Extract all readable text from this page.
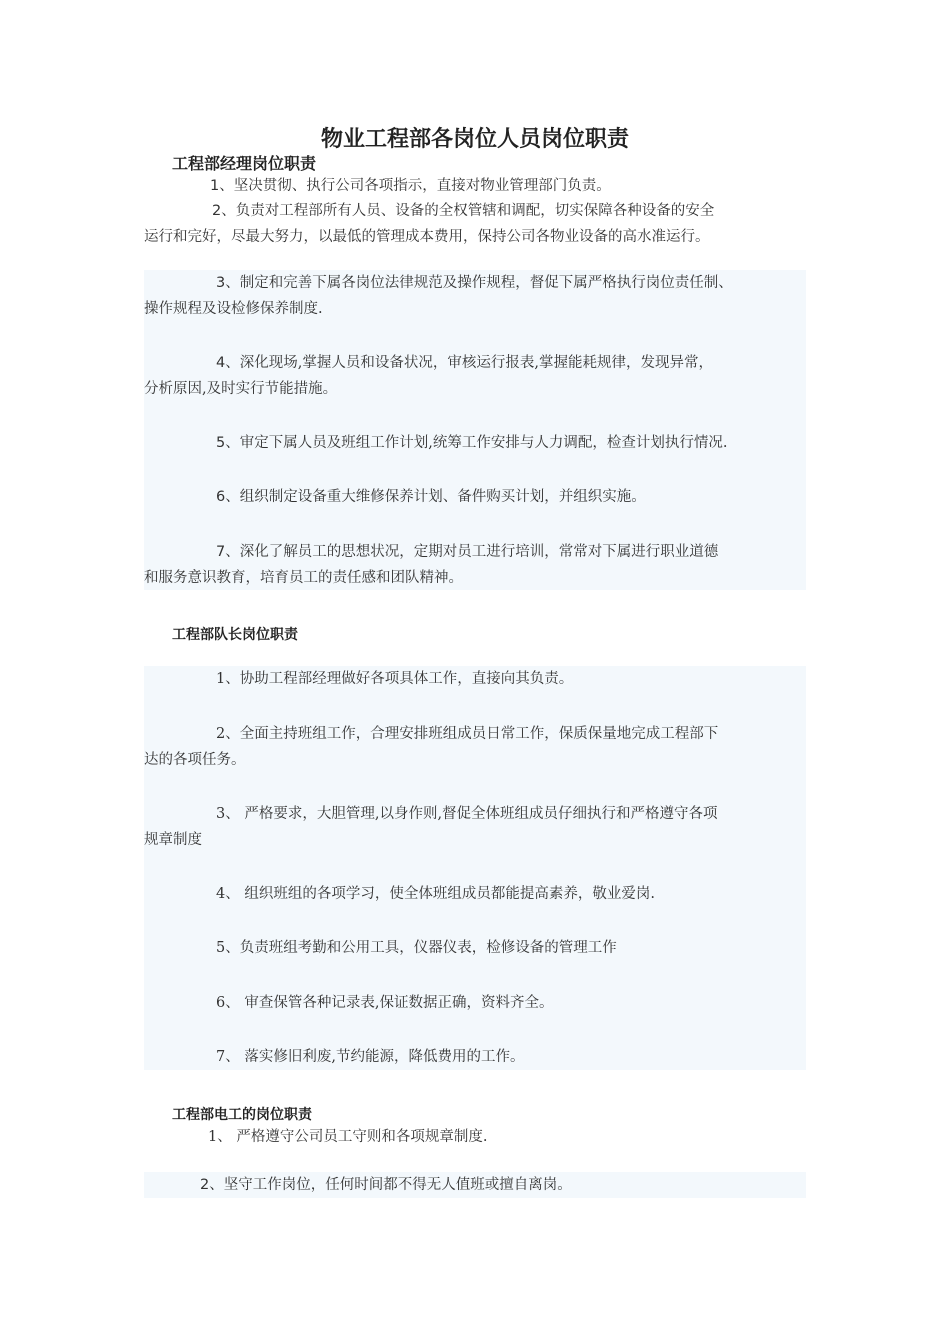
物业工程部各岗位人员岗位职责
工程部经理岗位职责
1、坚决贯彻、执行公司各项指示，直接对物业管理部门负责。
2、负责对工程部所有人员、设备的全权管辖和调配，切实保障各种设备的安全
运行和完好，尽最大努力，以最低的管理成本费用，保持公司各物业设备的高水准运行。
3、制定和完善下属各岗位法律规范及操作规程，督促下属严格执行岗位责任制、
操作规程及设检修保养制度.
4、深化现场,掌握人员和设备状况，审核运行报表,掌握能耗规律，发现异常，
分析原因,及时实行节能措施。
5、审定下属人员及班组工作计划,统筹工作安排与人力调配，检查计划执行情况.
6、组织制定设备重大维修保养计划、备件购买计划，并组织实施。
7、深化了解员工的思想状况，定期对员工进行培训，常常对下属进行职业道德
和服务意识教育，培育员工的责任感和团队精神。
工程部队长岗位职责
1、协助工程部经理做好各项具体工作，直接向其负责。
2、全面主持班组工作，合理安排班组成员日常工作，保质保量地完成工程部下
达的各项任务。
3、 严格要求，大胆管理,以身作则,督促全体班组成员仔细执行和严格遵守各项
规章制度
4、 组织班组的各项学习，使全体班组成员都能提高素养，敬业爱岗.
5、负责班组考勤和公用工具，仪器仪表，检修设备的管理工作
6、 审查保管各种记录表,保证数据正确，资料齐全。
7、 落实修旧利废,节约能源，降低费用的工作。
工程部电工的岗位职责
1、 严格遵守公司员工守则和各项规章制度.
2、坚守工作岗位，任何时间都不得无人值班或擅自离岗。
